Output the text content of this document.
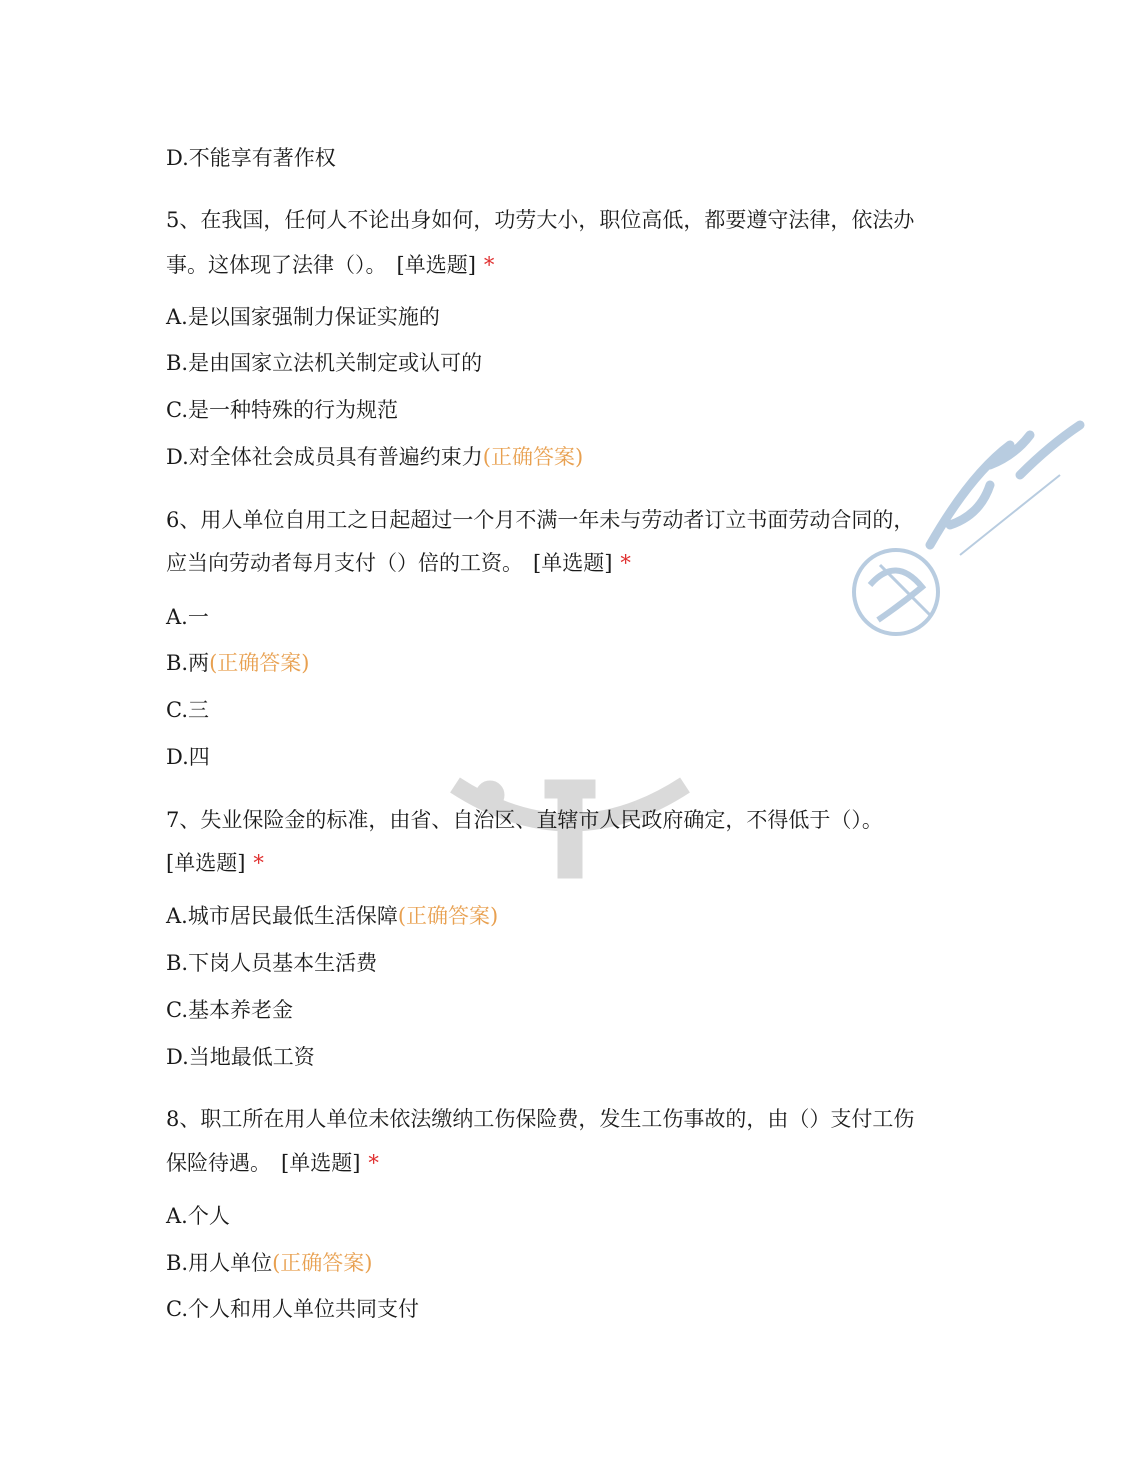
D.不能享有著作权
5、在我国，任何人不论出身如何，功劳大小，职位高低，都要遵守法律，依法办
事。这体现了法律（）。 [单选题] *
A.是以国家强制力保证实施的
B.是由国家立法机关制定或认可的
C.是一种特殊的行为规范
D.对全体社会成员具有普遍约束力(正确答案)
6、用人单位自用工之日起超过一个月不满一年未与劳动者订立书面劳动合同的，
应当向劳动者每月支付（）倍的工资。 [单选题] *
A.一
B.两(正确答案)
C.三
D.四
7、失业保险金的标准，由省、自治区、直辖市人民政府确定，不得低于（）。
[单选题] *
A.城市居民最低生活保障(正确答案)
B.下岗人员基本生活费
C.基本养老金
D.当地最低工资
8、职工所在用人单位未依法缴纳工伤保险费，发生工伤事故的，由（）支付工伤
保险待遇。 [单选题] *
A.个人
B.用人单位(正确答案)
C.个人和用人单位共同支付
